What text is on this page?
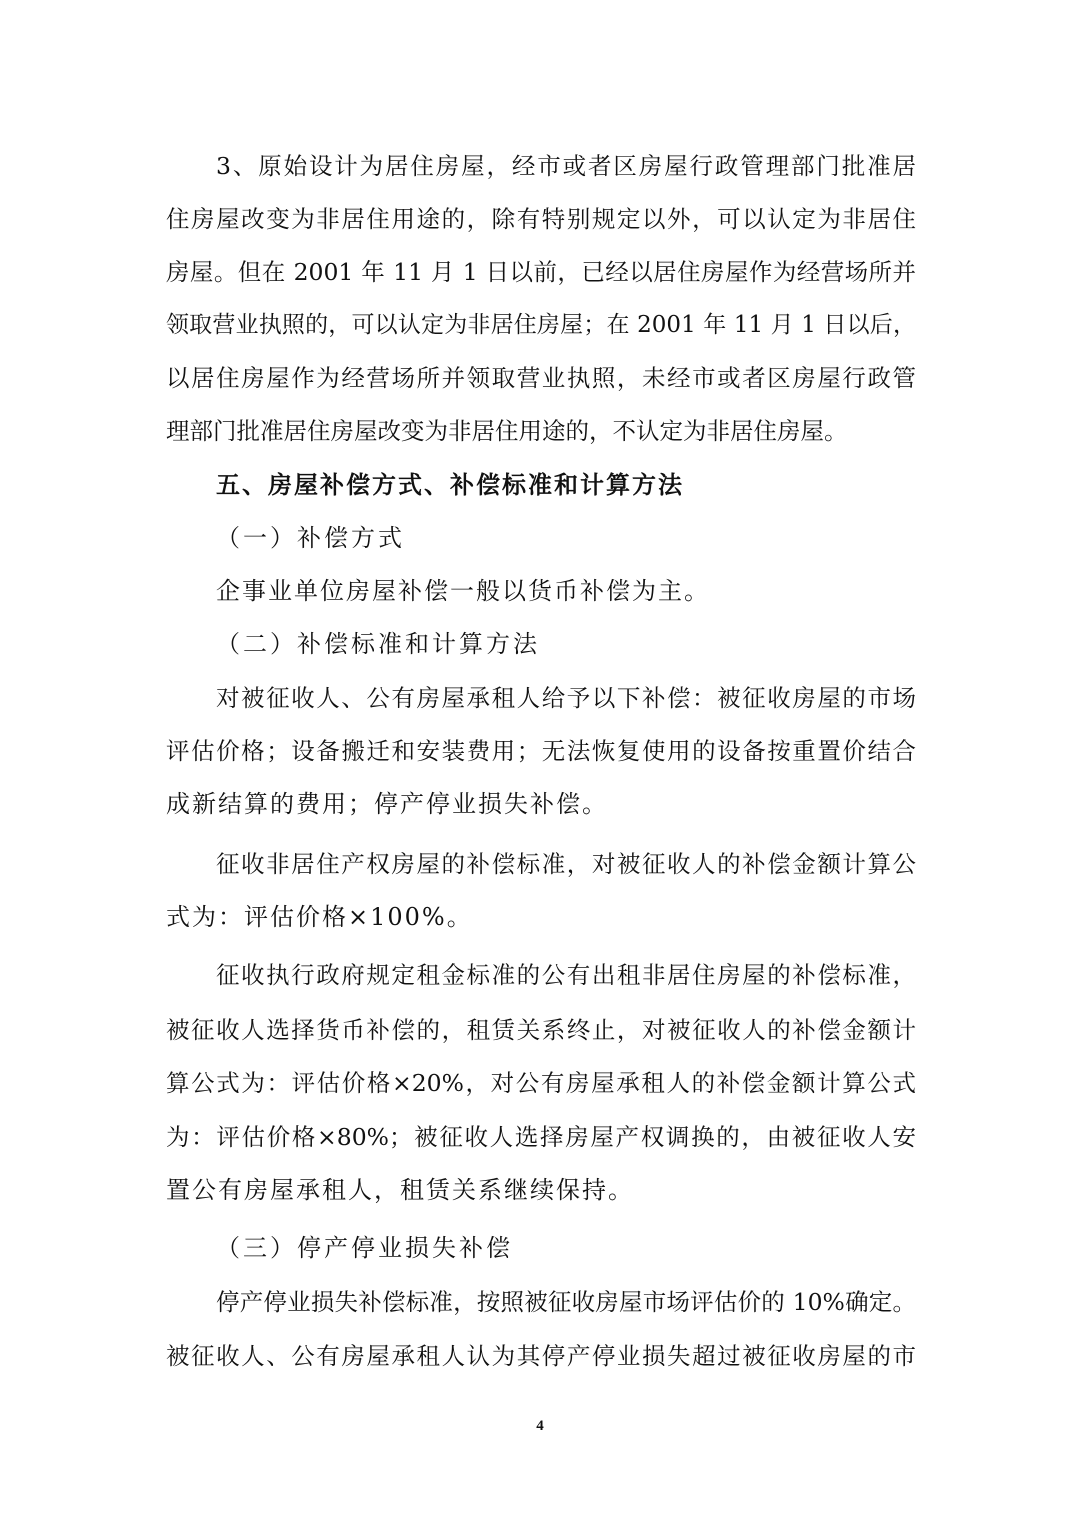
3、原始设计为居住房屋，经市或者区房屋行政管理部门批准居
住房屋改变为非居住用途的，除有特别规定以外，可以认定为非居住
房屋。但在 2001 年 11 月 1 日以前，已经以居住房屋作为经营场所并
领取营业执照的，可以认定为非居住房屋；在 2001 年 11 月 1 日以后，
以居住房屋作为经营场所并领取营业执照，未经市或者区房屋行政管
理部门批准居住房屋改变为非居住用途的，不认定为非居住房屋。
五、房屋补偿方式、补偿标准和计算方法
（一）补偿方式
企事业单位房屋补偿一般以货币补偿为主。
（二）补偿标准和计算方法
对被征收人、公有房屋承租人给予以下补偿：被征收房屋的市场
评估价格；设备搬迁和安装费用；无法恢复使用的设备按重置价结合
成新结算的费用；停产停业损失补偿。
征收非居住产权房屋的补偿标准，对被征收人的补偿金额计算公
式为：评估价格×100%。
征收执行政府规定租金标准的公有出租非居住房屋的补偿标准，
被征收人选择货币补偿的，租赁关系终止，对被征收人的补偿金额计
算公式为：评估价格×20%，对公有房屋承租人的补偿金额计算公式
为：评估价格×80%；被征收人选择房屋产权调换的，由被征收人安
置公有房屋承租人，租赁关系继续保持。
（三）停产停业损失补偿
停产停业损失补偿标准，按照被征收房屋市场评估价的 10%确定。
被征收人、公有房屋承租人认为其停产停业损失超过被征收房屋的市
4
